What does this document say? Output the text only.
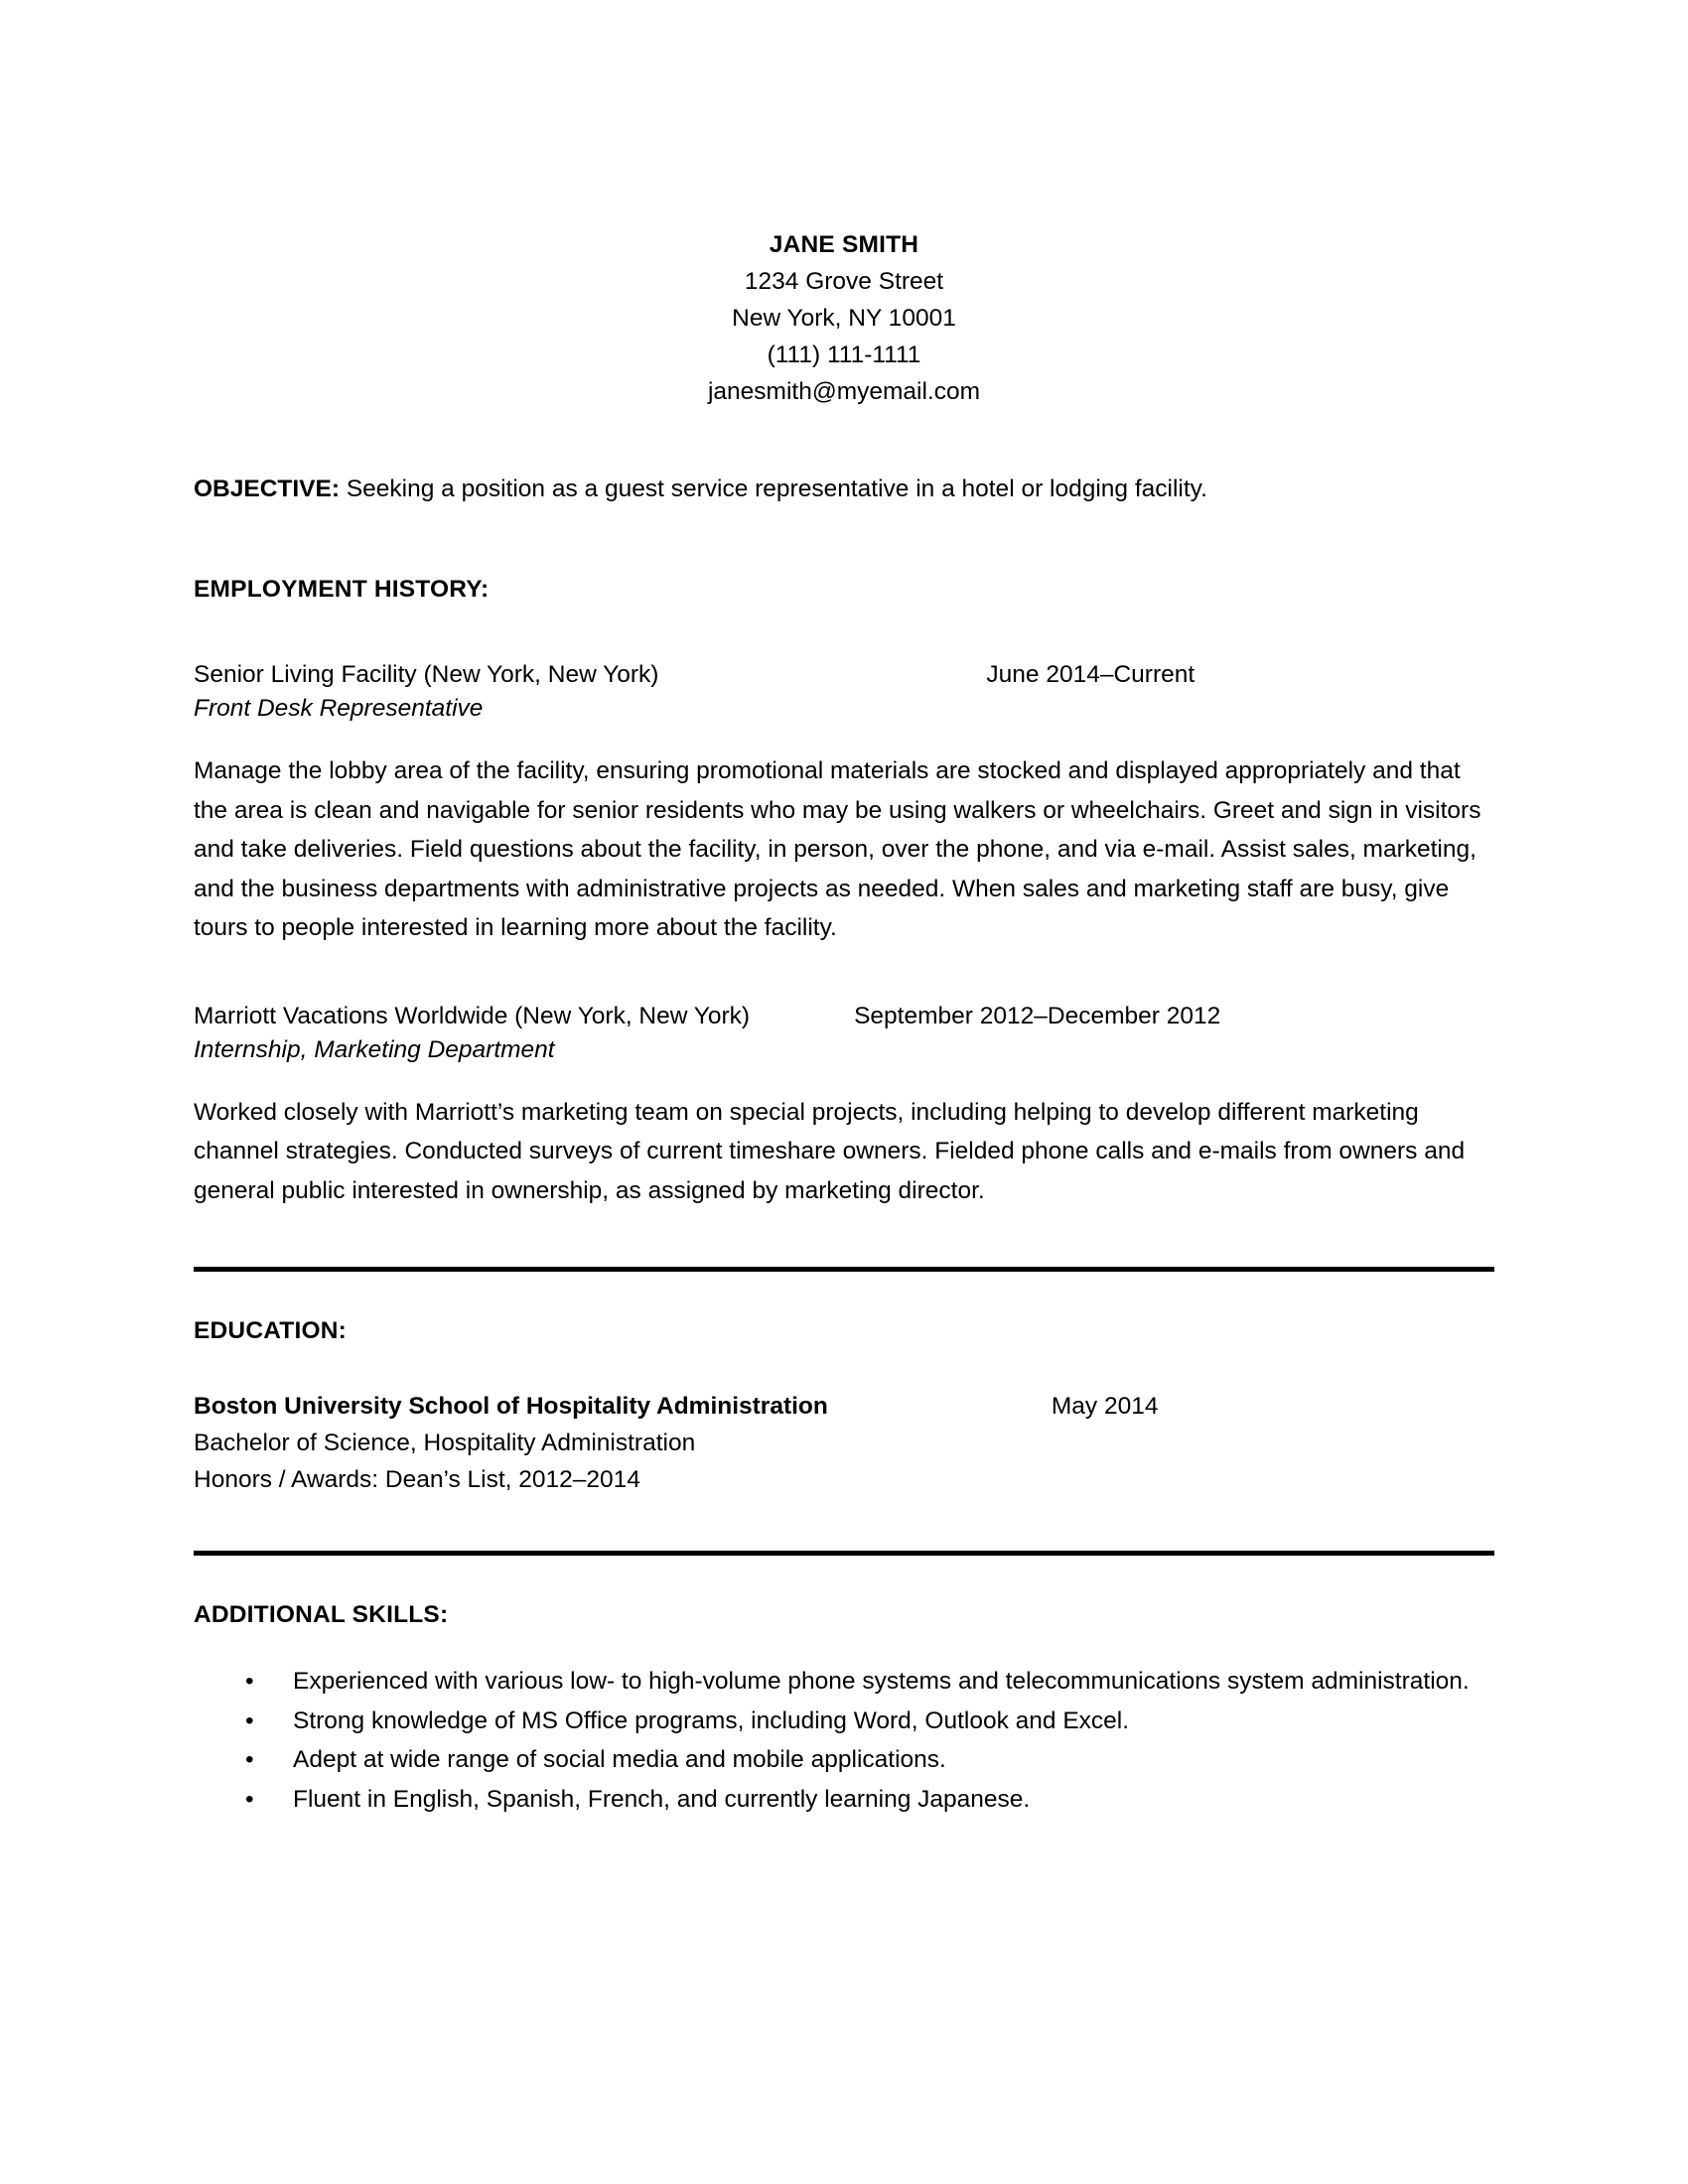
JANE SMITH
1234 Grove Street
New York, NY 10001
(111) 111-1111
janesmith@myemail.com
OBJECTIVE: Seeking a position as a guest service representative in a hotel or lodging facility.
EMPLOYMENT HISTORY:
Senior Living Facility (New York, New York)	June 2014–Current
Front Desk Representative
Manage the lobby area of the facility, ensuring promotional materials are stocked and displayed appropriately and that the area is clean and navigable for senior residents who may be using walkers or wheelchairs. Greet and sign in visitors and take deliveries. Field questions about the facility, in person, over the phone, and via e-mail. Assist sales, marketing, and the business departments with administrative projects as needed. When sales and marketing staff are busy, give tours to people interested in learning more about the facility.
Marriott Vacations Worldwide (New York, New York)	September 2012–December 2012
Internship, Marketing Department
Worked closely with Marriott’s marketing team on special projects, including helping to develop different marketing channel strategies. Conducted surveys of current timeshare owners. Fielded phone calls and e-mails from owners and general public interested in ownership, as assigned by marketing director.
EDUCATION:
Boston University School of Hospitality Administration	May 2014
Bachelor of Science, Hospitality Administration
Honors / Awards: Dean’s List, 2012–2014
ADDITIONAL SKILLS:
• Experienced with various low- to high-volume phone systems and telecommunications system administration.
• Strong knowledge of MS Office programs, including Word, Outlook and Excel.
• Adept at wide range of social media and mobile applications.
• Fluent in English, Spanish, French, and currently learning Japanese.
